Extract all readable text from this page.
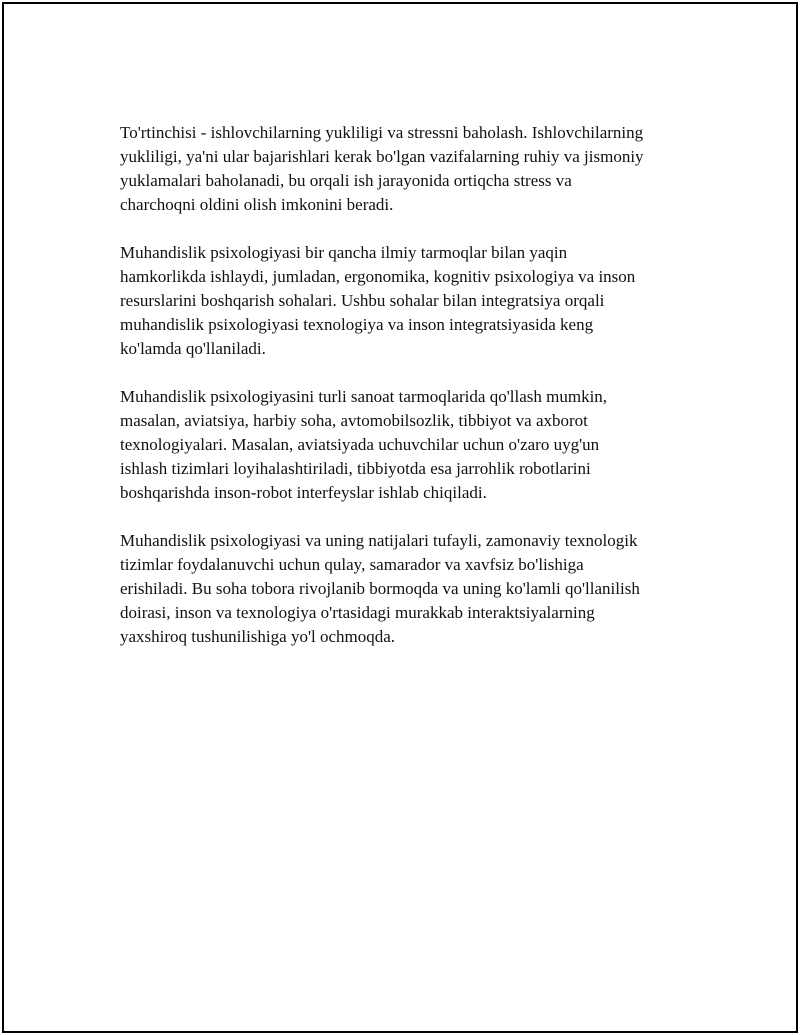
To'rtinchisi - ishlovchilarning yukliligi va stressni baholash. Ishlovchilarning
yukliligi, ya'ni ular bajarishlari kerak bo'lgan vazifalarning ruhiy va jismoniy
yuklamalari baholanadi, bu orqali ish jarayonida ortiqcha stress va
charchoqni oldini olish imkonini beradi.

Muhandislik psixologiyasi bir qancha ilmiy tarmoqlar bilan yaqin
hamkorlikda ishlaydi, jumladan, ergonomika, kognitiv psixologiya va inson
resurslarini boshqarish sohalari. Ushbu sohalar bilan integratsiya orqali
muhandislik psixologiyasi texnologiya va inson integratsiyasida keng
ko'lamda qo'llaniladi.

Muhandislik psixologiyasini turli sanoat tarmoqlarida qo'llash mumkin,
masalan, aviatsiya, harbiy soha, avtomobilsozlik, tibbiyot va axborot
texnologiyalari. Masalan, aviatsiyada uchuvchilar uchun o'zaro uyg'un
ishlash tizimlari loyihalashtiriladi, tibbiyotda esa jarrohlik robotlarini
boshqarishda inson-robot interfeyslar ishlab chiqiladi.

Muhandislik psixologiyasi va uning natijalari tufayli, zamonaviy texnologik
tizimlar foydalanuvchi uchun qulay, samarador va xavfsiz bo'lishiga
erishiladi. Bu soha tobora rivojlanib bormoqda va uning ko'lamli qo'llanilish
doirasi, inson va texnologiya o'rtasidagi murakkab interaktsiyalarning
yaxshiroq tushunilishiga yo'l ochmoqda.
